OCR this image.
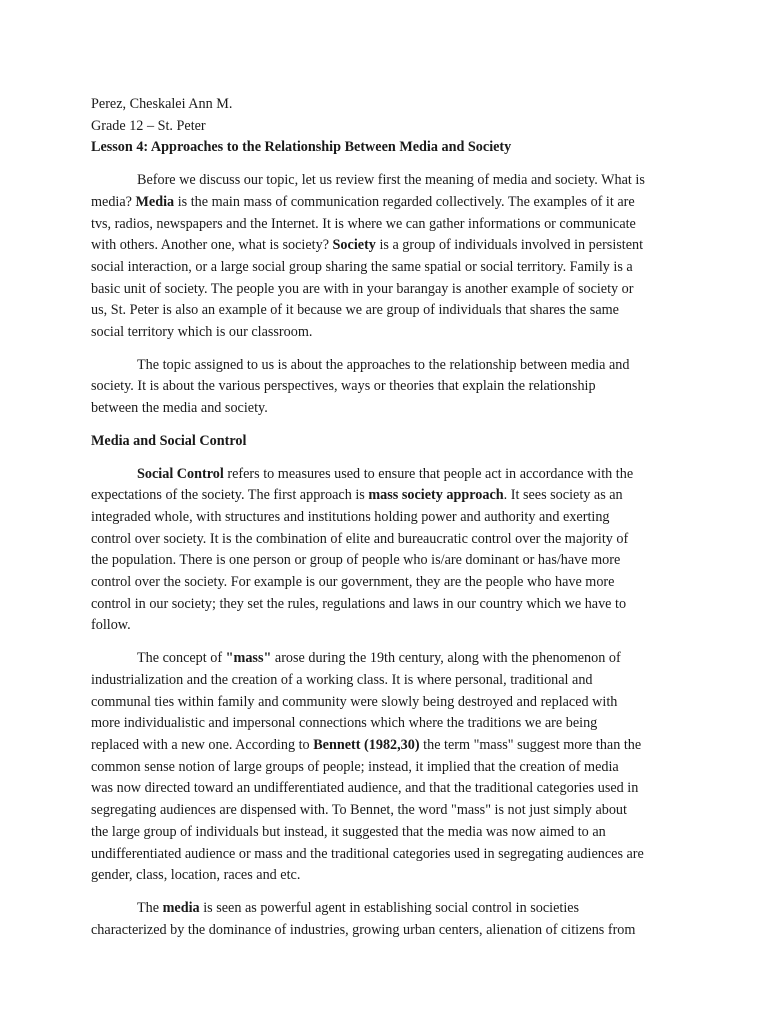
Perez, Cheskalei Ann M.
Grade 12 – St. Peter
Lesson 4: Approaches to the Relationship Between Media and Society
Before we discuss our topic, let us review first the meaning of media and society. What is
media? Media is the main mass of communication regarded collectively. The examples of it are
tvs, radios, newspapers and the Internet. It is where we can gather informations or communicate
with others. Another one, what is society? Society is a group of individuals involved in persistent
social interaction, or a large social group sharing the same spatial or social territory. Family is a
basic unit of society. The people you are with in your barangay is another example of society or
us, St. Peter is also an example of it because we are group of individuals that shares the same
social territory which is our classroom.
The topic assigned to us is about the approaches to the relationship between media and
society. It is about the various perspectives, ways or theories that explain the relationship
between the media and society.
Media and Social Control
Social Control refers to measures used to ensure that people act in accordance with the
expectations of the society. The first approach is mass society approach. It sees society as an
integraded whole, with structures and institutions holding power and authority and exerting
control over society. It is the combination of elite and bureaucratic control over the majority of
the population. There is one person or group of people who is/are dominant or has/have more
control over the society. For example is our government, they are the people who have more
control in our society; they set the rules, regulations and laws in our country which we have to
follow.
The concept of "mass" arose during the 19th century, along with the phenomenon of
industrialization and the creation of a working class. It is where personal, traditional and
communal ties within family and community were slowly being destroyed and replaced with
more individualistic and impersonal connections which where the traditions we are being
replaced with a new one. According to Bennett (1982,30) the term "mass" suggest more than the
common sense notion of large groups of people; instead, it implied that the creation of media
was now directed toward an undifferentiated audience, and that the traditional categories used in
segregating audiences are dispensed with. To Bennet, the word "mass" is not just simply about
the large group of individuals but instead, it suggested that the media was now aimed to an
undifferentiated audience or mass and the traditional categories used in segregating audiences are
gender, class, location, races and etc.
The media is seen as powerful agent in establishing social control in societies
characterized by the dominance of industries, growing urban centers, alienation of citizens from
